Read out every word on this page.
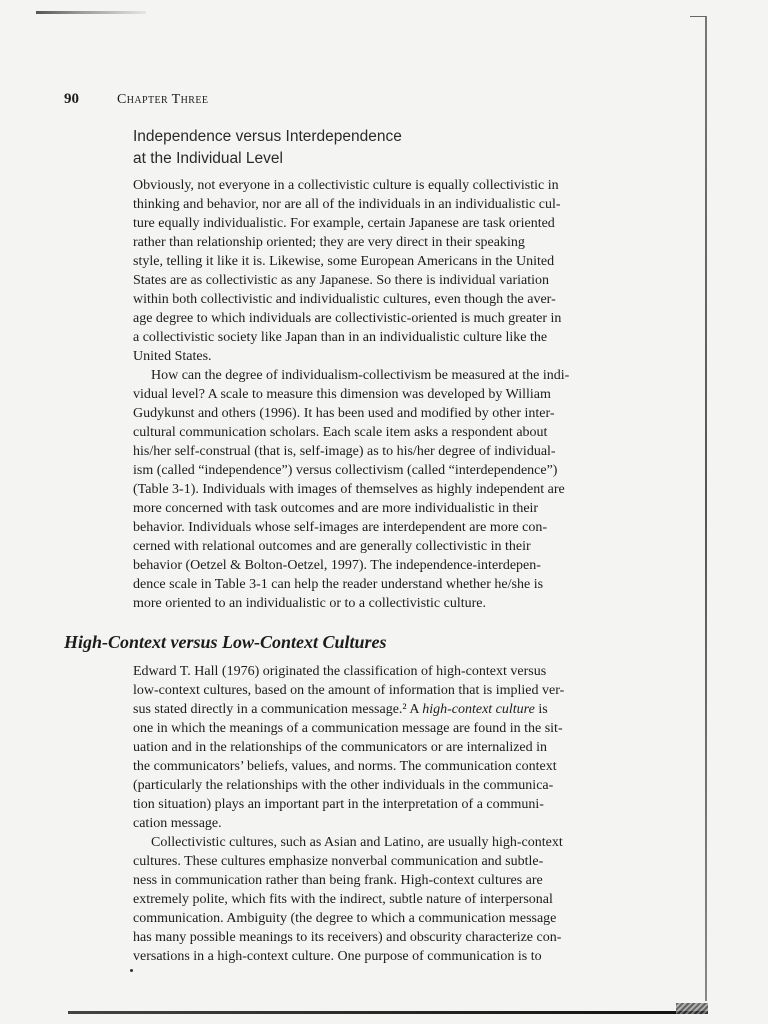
90	Chapter Three
Independence versus Interdependence
at the Individual Level
Obviously, not everyone in a collectivistic culture is equally collectivistic in
thinking and behavior, nor are all of the individuals in an individualistic cul-
ture equally individualistic. For example, certain Japanese are task oriented
rather than relationship oriented; they are very direct in their speaking
style, telling it like it is. Likewise, some European Americans in the United
States are as collectivistic as any Japanese. So there is individual variation
within both collectivistic and individualistic cultures, even though the aver-
age degree to which individuals are collectivistic-oriented is much greater in
a collectivistic society like Japan than in an individualistic culture like the
United States.
How can the degree of individualism-collectivism be measured at the indi-
vidual level? A scale to measure this dimension was developed by William
Gudykunst and others (1996). It has been used and modified by other inter-
cultural communication scholars. Each scale item asks a respondent about
his/her self-construal (that is, self-image) as to his/her degree of individual-
ism (called “independence”) versus collectivism (called “interdependence”)
(Table 3-1). Individuals with images of themselves as highly independent are
more concerned with task outcomes and are more individualistic in their
behavior. Individuals whose self-images are interdependent are more con-
cerned with relational outcomes and are generally collectivistic in their
behavior (Oetzel & Bolton-Oetzel, 1997). The independence-interdepen-
dence scale in Table 3-1 can help the reader understand whether he/she is
more oriented to an individualistic or to a collectivistic culture.
High-Context versus Low-Context Cultures
Edward T. Hall (1976) originated the classification of high-context versus
low-context cultures, based on the amount of information that is implied ver-
sus stated directly in a communication message.² A high-context culture is
one in which the meanings of a communication message are found in the sit-
uation and in the relationships of the communicators or are internalized in
the communicators’ beliefs, values, and norms. The communication context
(particularly the relationships with the other individuals in the communica-
tion situation) plays an important part in the interpretation of a communi-
cation message.
Collectivistic cultures, such as Asian and Latino, are usually high-context
cultures. These cultures emphasize nonverbal communication and subtle-
ness in communication rather than being frank. High-context cultures are
extremely polite, which fits with the indirect, subtle nature of interpersonal
communication. Ambiguity (the degree to which a communication message
has many possible meanings to its receivers) and obscurity characterize con-
versations in a high-context culture. One purpose of communication is to
